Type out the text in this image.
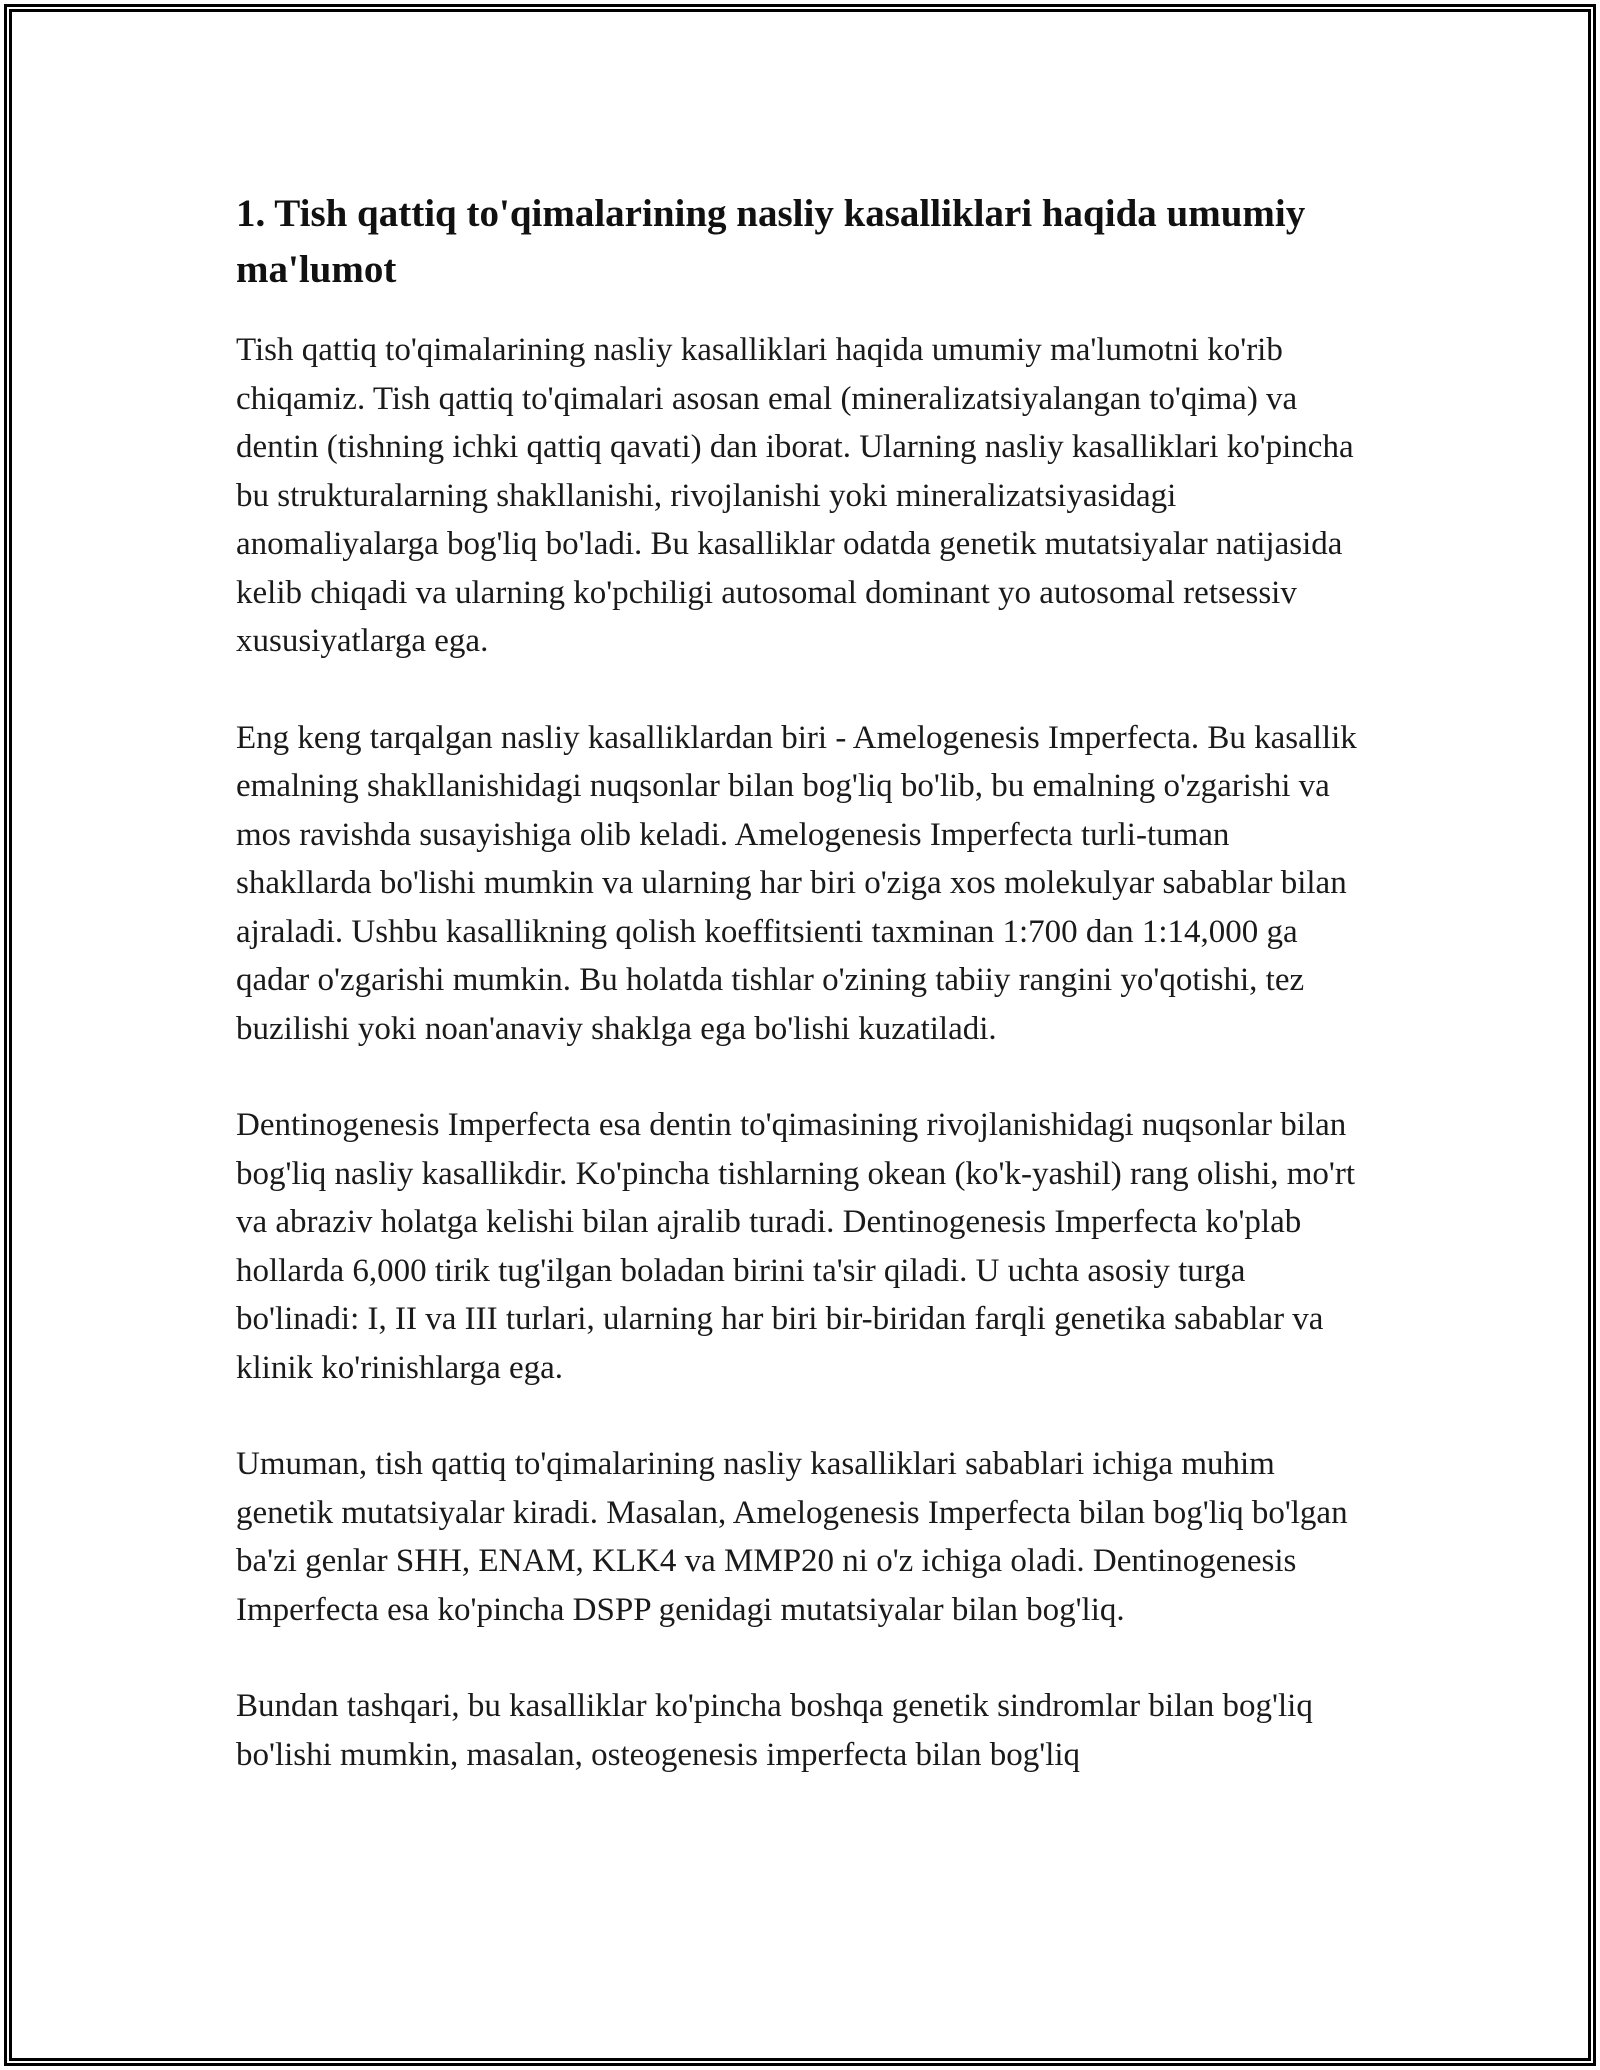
1. Tish qattiq to'qimalarining nasliy kasalliklari haqida umumiy ma'lumot

Tish qattiq to'qimalarining nasliy kasalliklari haqida umumiy ma'lumotni ko'rib chiqamiz. Tish qattiq to'qimalari asosan emal (mineralizatsiyalangan to'qima) va dentin (tishning ichki qattiq qavati) dan iborat. Ularning nasliy kasalliklari ko'pincha bu strukturalarning shakllanishi, rivojlanishi yoki mineralizatsiyasidagi anomaliyalarga bog'liq bo'ladi. Bu kasalliklar odatda genetik mutatsiyalar natijasida kelib chiqadi va ularning ko'pchiligi autosomal dominant yo autosomal retsessiv xususiyatlarga ega.

Eng keng tarqalgan nasliy kasalliklardan biri - Amelogenesis Imperfecta. Bu kasallik emalning shakllanishidagi nuqsonlar bilan bog'liq bo'lib, bu emalning o'zgarishi va mos ravishda susayishiga olib keladi. Amelogenesis Imperfecta turli-tuman shakllarda bo'lishi mumkin va ularning har biri o'ziga xos molekulyar sabablar bilan ajraladi. Ushbu kasallikning qolish koeffitsienti taxminan 1:700 dan 1:14,000 ga qadar o'zgarishi mumkin. Bu holatda tishlar o'zining tabiiy rangini yo'qotishi, tez buzilishi yoki noan'anaviy shaklga ega bo'lishi kuzatiladi.

Dentinogenesis Imperfecta esa dentin to'qimasining rivojlanishidagi nuqsonlar bilan bog'liq nasliy kasallikdir. Ko'pincha tishlarning okean (ko'k-yashil) rang olishi, mo'rt va abraziv holatga kelishi bilan ajralib turadi. Dentinogenesis Imperfecta ko'plab hollarda 6,000 tirik tug'ilgan boladan birini ta'sir qiladi. U uchta asosiy turga bo'linadi: I, II va III turlari, ularning har biri bir-biridan farqli genetika sabablar va klinik ko'rinishlarga ega.

Umuman, tish qattiq to'qimalarining nasliy kasalliklari sabablari ichiga muhim genetik mutatsiyalar kiradi. Masalan, Amelogenesis Imperfecta bilan bog'liq bo'lgan ba'zi genlar SHH, ENAM, KLK4 va MMP20 ni o'z ichiga oladi. Dentinogenesis Imperfecta esa ko'pincha DSPP genidagi mutatsiyalar bilan bog'liq.

Bundan tashqari, bu kasalliklar ko'pincha boshqa genetik sindromlar bilan bog'liq bo'lishi mumkin, masalan, osteogenesis imperfecta bilan bog'liq
